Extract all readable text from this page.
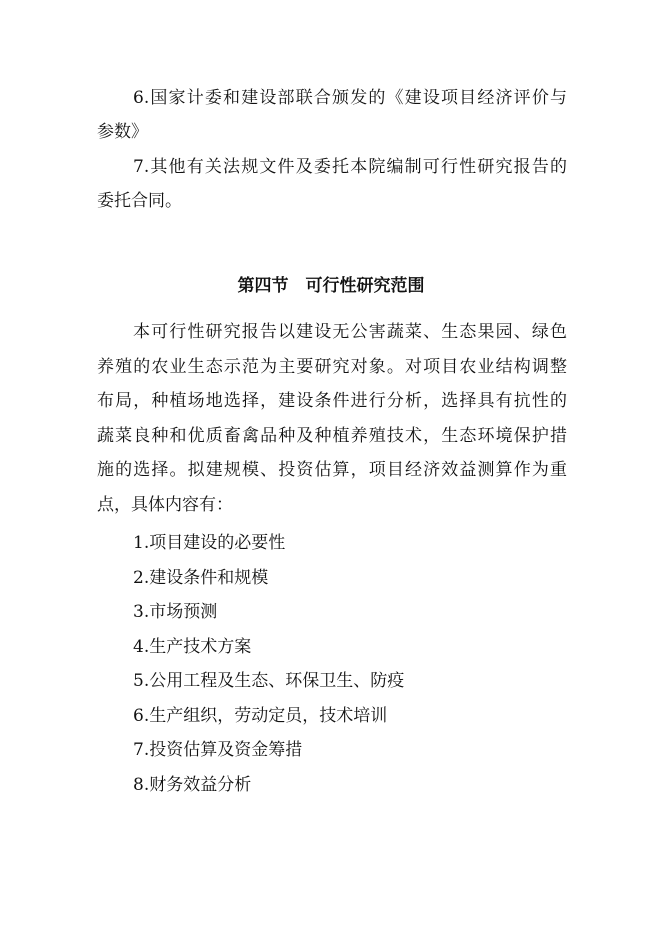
6.国家计委和建设部联合颁发的《建设项目经济评价与
参数》
7.其他有关法规文件及委托本院编制可行性研究报告的
委托合同。
第四节　可行性研究范围
本可行性研究报告以建设无公害蔬菜、生态果园、绿色
养殖的农业生态示范为主要研究对象。对项目农业结构调整
布局，种植场地选择，建设条件进行分析，选择具有抗性的
蔬菜良种和优质畜禽品种及种植养殖技术，生态环境保护措
施的选择。拟建规模、投资估算，项目经济效益测算作为重
点，具体内容有：
1.项目建设的必要性
2.建设条件和规模
3.市场预测
4.生产技术方案
5.公用工程及生态、环保卫生、防疫
6.生产组织，劳动定员，技术培训
7.投资估算及资金筹措
8.财务效益分析
